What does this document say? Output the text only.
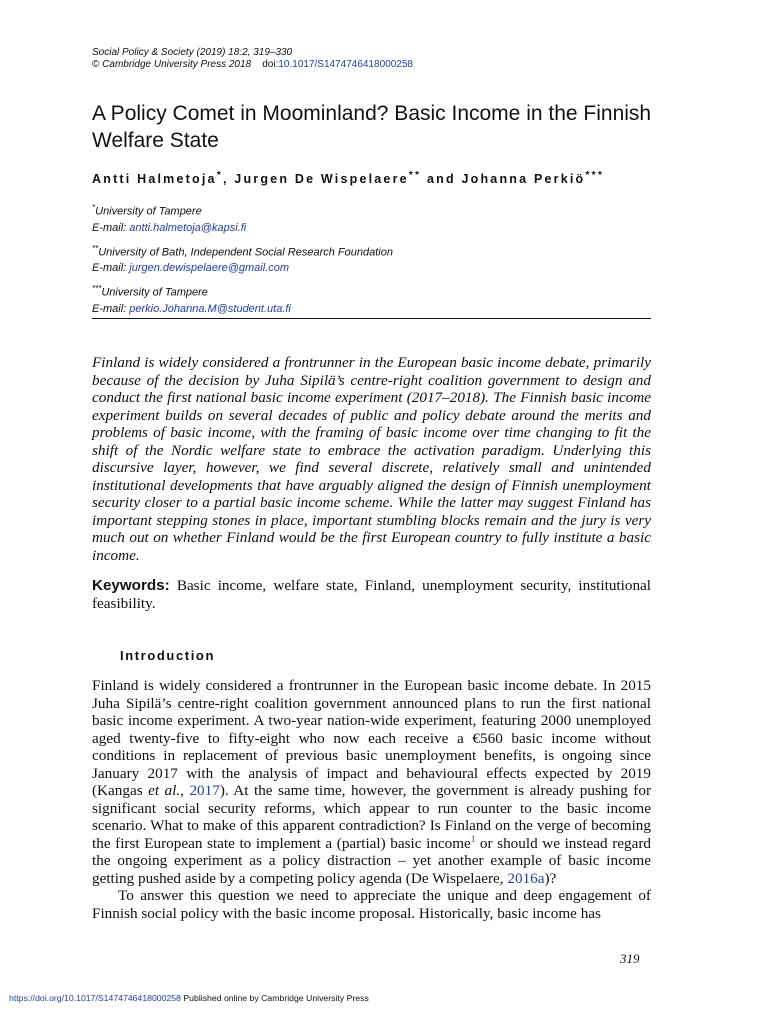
Social Policy & Society (2019) 18:2, 319–330
© Cambridge University Press 2018 doi:10.1017/S1474746418000258
A Policy Comet in Moominland? Basic Income in the Finnish Welfare State
Antti Halmetoja*, Jurgen De Wispelaere** and Johanna Perkiö***
*University of Tampere
E-mail: antti.halmetoja@kapsi.fi
**University of Bath, Independent Social Research Foundation
E-mail: jurgen.dewispelaere@gmail.com
***University of Tampere
E-mail: perkio.Johanna.M@student.uta.fi

Finland is widely considered a frontrunner in the European basic income debate, primarily because of the decision by Juha Sipilä’s centre-right coalition government to design and conduct the first national basic income experiment (2017–2018). The Finnish basic income experiment builds on several decades of public and policy debate around the merits and problems of basic income, with the framing of basic income over time changing to fit the shift of the Nordic welfare state to embrace the activation paradigm. Underlying this discursive layer, however, we find several discrete, relatively small and unintended institutional developments that have arguably aligned the design of Finnish unemployment security closer to a partial basic income scheme. While the latter may suggest Finland has important stepping stones in place, important stumbling blocks remain and the jury is very much out on whether Finland would be the first European country to fully institute a basic income.

Keywords: Basic income, welfare state, Finland, unemployment security, institutional feasibility.

Introduction

Finland is widely considered a frontrunner in the European basic income debate. In 2015 Juha Sipilä’s centre-right coalition government announced plans to run the first national basic income experiment. A two-year nation-wide experiment, featuring 2000 unemployed aged twenty-five to fifty-eight who now each receive a €560 basic income without conditions in replacement of previous basic unemployment benefits, is ongoing since January 2017 with the analysis of impact and behavioural effects expected by 2019 (Kangas et al., 2017). At the same time, however, the government is already pushing for significant social security reforms, which appear to run counter to the basic income scenario. What to make of this apparent contradiction? Is Finland on the verge of becoming the first European state to implement a (partial) basic income$^1$ or should we instead regard the ongoing experiment as a policy distraction – yet another example of basic income getting pushed aside by a competing policy agenda (De Wispelaere, 2016a)?

To answer this question we need to appreciate the unique and deep engagement of Finnish social policy with the basic income proposal. Historically, basic income has

319
https://doi.org/10.1017/S1474746418000258 Published online by Cambridge University Press
